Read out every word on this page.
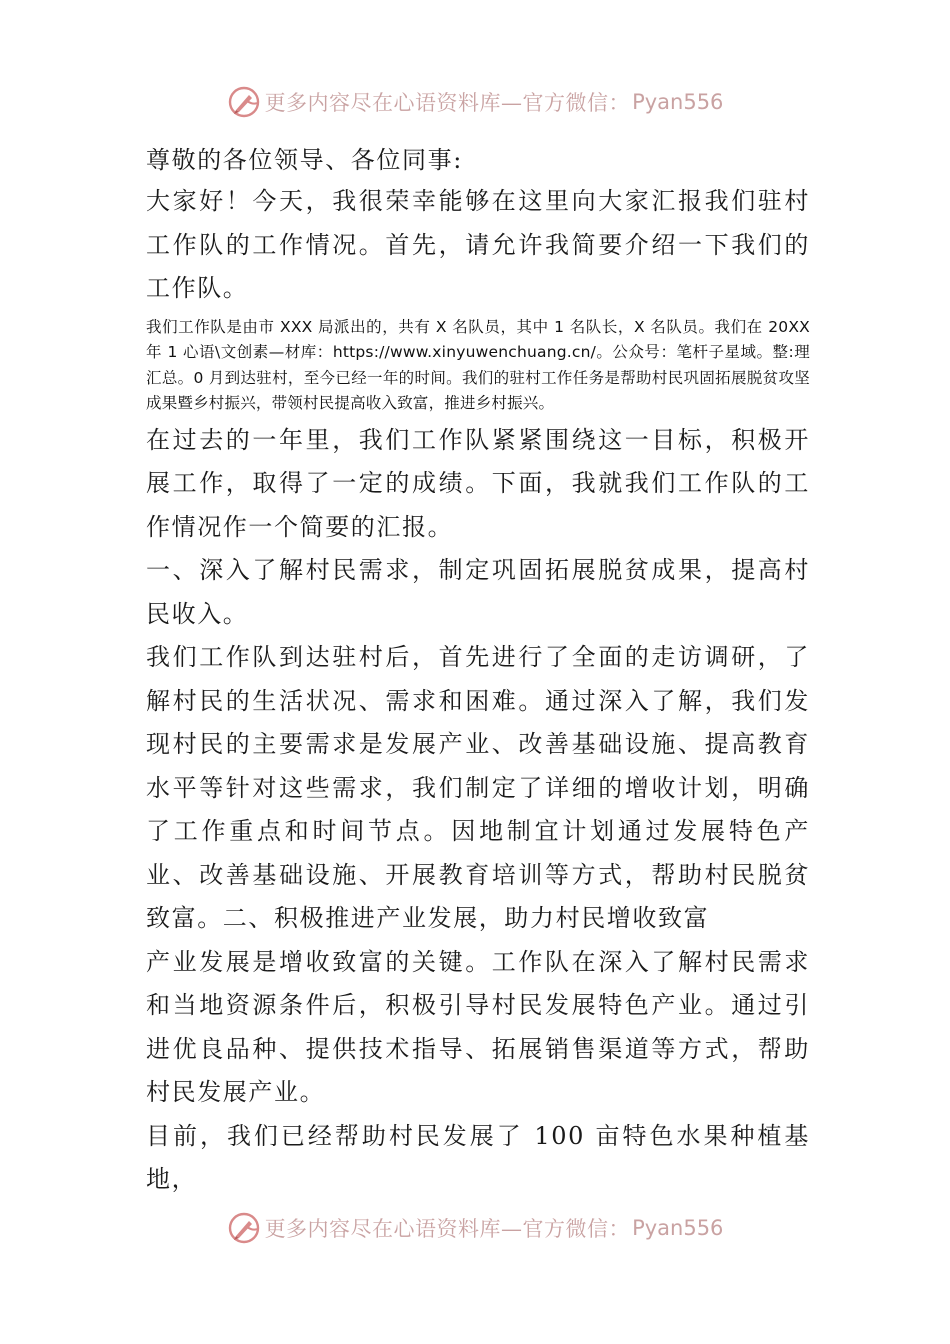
更多内容尽在心语资料库—官方微信： Pyan556

尊敬的各位领导、各位同事:

大家好！今天，我很荣幸能够在这里向大家汇报我们驻村工作队的工作情况。首先，请允许我简要介绍一下我们的工作队。

我们工作队是由市 XXX 局派出的，共有 X 名队员，其中 1 名队长，X 名队员。我们在 20XX 年 1 心语\文创素—材库：https://www.xinyuwenchuang.cn/。公众号：笔杆子星域。整:理汇总。0 月到达驻村，至今已经一年的时间。我们的驻村工作任务是帮助村民巩固拓展脱贫攻坚成果暨乡村振兴，带领村民提高收入致富，推进乡村振兴。

在过去的一年里，我们工作队紧紧围绕这一目标，积极开展工作，取得了一定的成绩。下面，我就我们工作队的工作情况作一个简要的汇报。

一、深入了解村民需求，制定巩固拓展脱贫成果，提高村民收入。

我们工作队到达驻村后，首先进行了全面的走访调研，了解村民的生活状况、需求和困难。通过深入了解，我们发现村民的主要需求是发展产业、改善基础设施、提高教育水平等针对这些需求，我们制定了详细的增收计划，明确了工作重点和时间节点。因地制宜计划通过发展特色产业、改善基础设施、开展教育培训等方式，帮助村民脱贫致富。二、积极推进产业发展，助力村民增收致富

产业发展是增收致富的关键。工作队在深入了解村民需求和当地资源条件后，积极引导村民发展特色产业。通过引进优良品种、提供技术指导、拓展销售渠道等方式，帮助村民发展产业。

目前，我们已经帮助村民发展了 100 亩特色水果种植基地，

更多内容尽在心语资料库—官方微信： Pyan556
